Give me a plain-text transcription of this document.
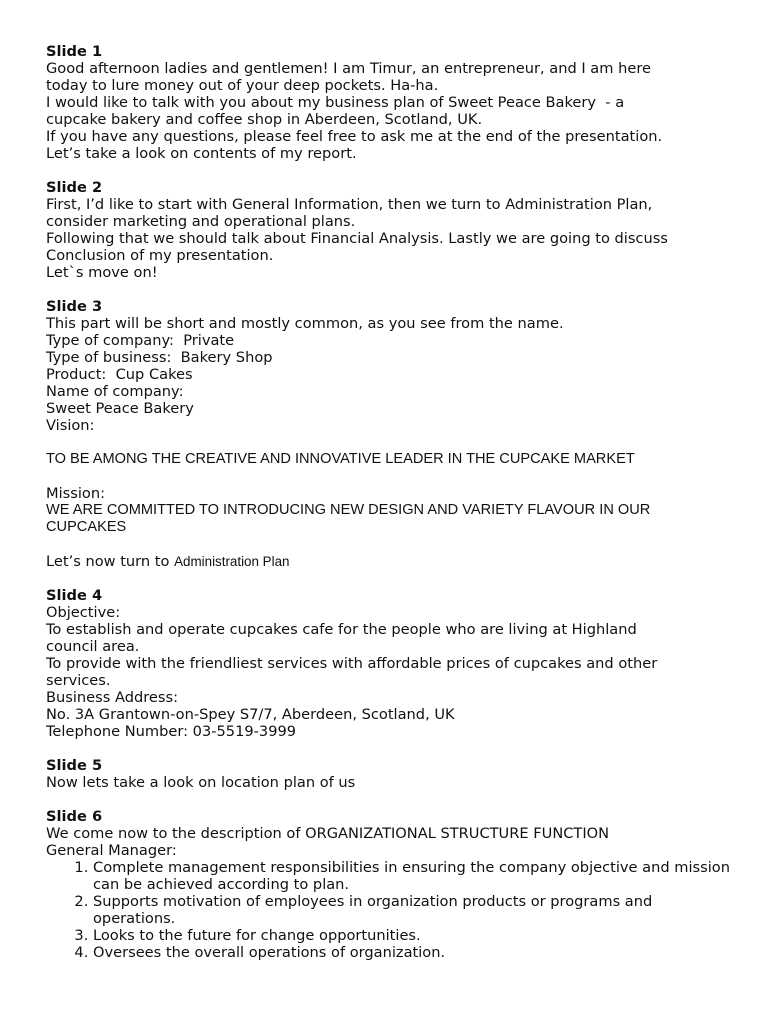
Slide 1
Good afternoon ladies and gentlemen! I am Timur, an entrepreneur, and I am here
today to lure money out of your deep pockets. Ha-ha.
I would like to talk with you about my business plan of Sweet Peace Bakery  - a
cupcake bakery and coffee shop in Aberdeen, Scotland, UK.
If you have any questions, please feel free to ask me at the end of the presentation.
Let’s take a look on contents of my report.
Slide 2
First, I’d like to start with General Information, then we turn to Administration Plan,
consider marketing and operational plans.
Following that we should talk about Financial Analysis. Lastly we are going to discuss
Conclusion of my presentation.
Let`s move on!
Slide 3
This part will be short and mostly common, as you see from the name.
Type of company:  Private
Type of business:  Bakery Shop
Product:  Cup Cakes
Name of company:
Sweet Peace Bakery
Vision:
TO BE AMONG THE CREATIVE AND INNOVATIVE LEADER IN THE CUPCAKE MARKET
Mission:
WE ARE COMMITTED TO INTRODUCING NEW DESIGN AND VARIETY FLAVOUR IN OUR
CUPCAKES
Let’s now turn to Administration Plan
Slide 4
Objective:
To establish and operate cupcakes cafe for the people who are living at Highland
council area.
To provide with the friendliest services with affordable prices of cupcakes and other
services.
Business Address:
No. 3A Grantown-on-Spey S7/7, Aberdeen, Scotland, UK
Telephone Number: 03-5519-3999
Slide 5
Now lets take a look on location plan of us
Slide 6
We come now to the description of ORGANIZATIONAL STRUCTURE FUNCTION
General Manager:
1. Complete management responsibilities in ensuring the company objective and mission can be achieved according to plan.
2. Supports motivation of employees in organization products or programs and operations.
3. Looks to the future for change opportunities.
4. Oversees the overall operations of organization.
